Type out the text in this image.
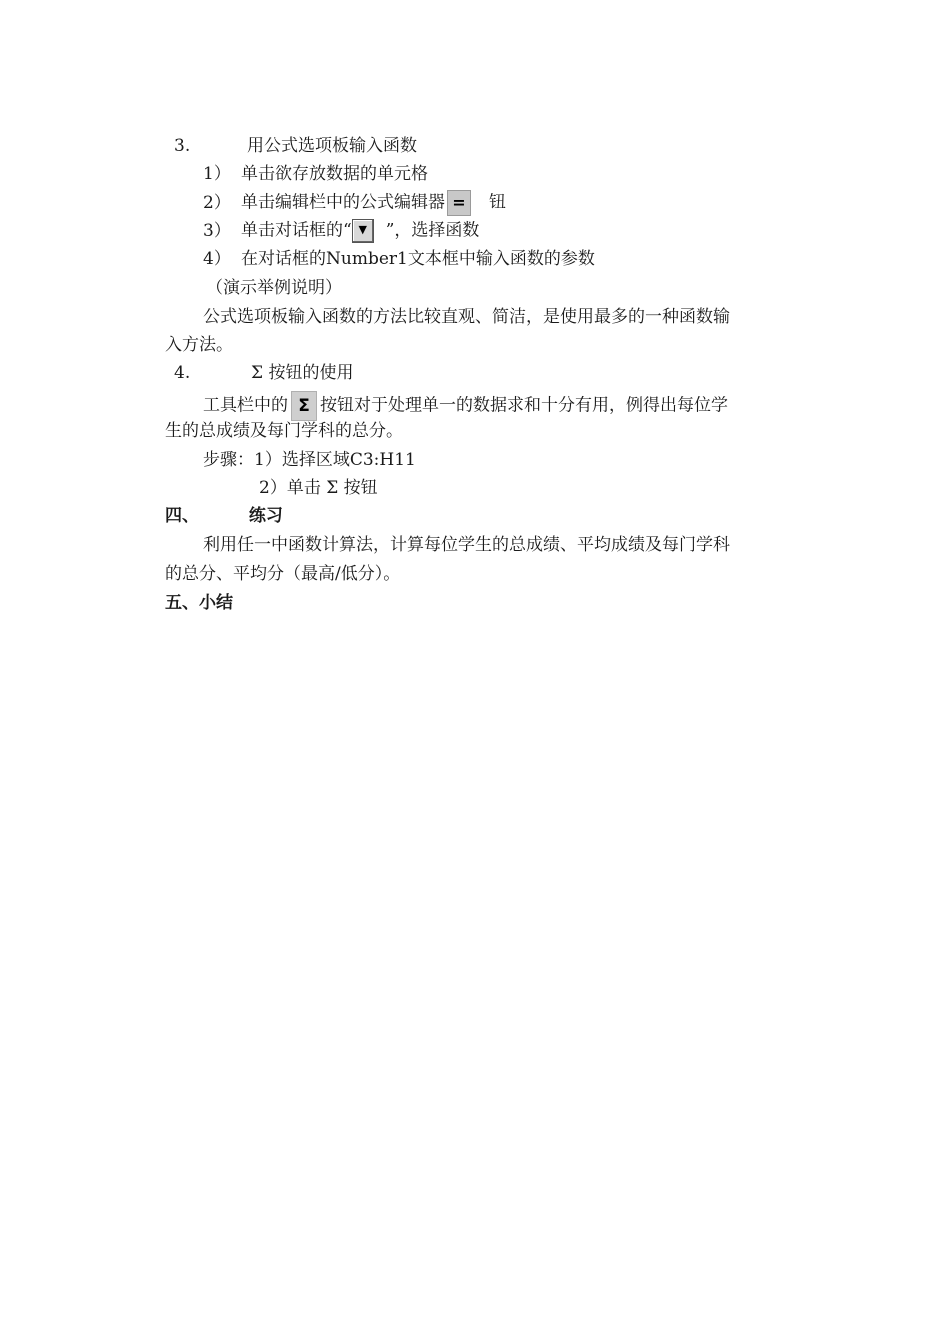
3.	用公式选项板输入函数
1） 单击欲存放数据的单元格
2） 单击编辑栏中的公式编辑器 = 钮
3） 单击对话框的“ ▼ ”，选择函数
4） 在对话框的Number1文本框中输入函数的参数
（演示举例说明）
公式选项板输入函数的方法比较直观、简洁，是使用最多的一种函数输
入方法。
4.	Σ 按钮的使用
工具栏中的 Σ 按钮对于处理单一的数据求和十分有用，例得出每位学
生的总成绩及每门学科的总分。
步骤：1）选择区域C3:H11
2）单击 Σ 按钮
四、	练习
利用任一中函数计算法，计算每位学生的总成绩、平均成绩及每门学科
的总分、平均分（最高/低分）。
五、小结
